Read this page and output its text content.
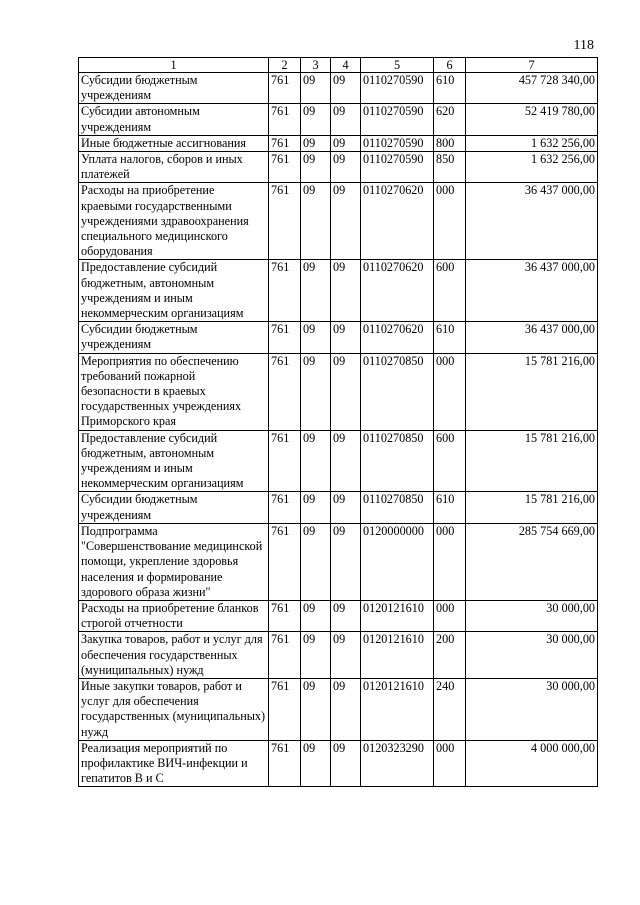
118
1	2	3	4	5	6	7
Субсидии бюджетным учреждениям	761	09	09	0110270590	610	457 728 340,00
Субсидии автономным учреждениям	761	09	09	0110270590	620	52 419 780,00
Иные бюджетные ассигнования	761	09	09	0110270590	800	1 632 256,00
Уплата налогов, сборов и иных платежей	761	09	09	0110270590	850	1 632 256,00
Расходы на приобретение краевыми государственными учреждениями здравоохранения специального медицинского оборудования	761	09	09	0110270620	000	36 437 000,00
Предоставление субсидий бюджетным, автономным учреждениям и иным некоммерческим организациям	761	09	09	0110270620	600	36 437 000,00
Субсидии бюджетным учреждениям	761	09	09	0110270620	610	36 437 000,00
Мероприятия по обеспечению требований пожарной безопасности в краевых государственных учреждениях Приморского края	761	09	09	0110270850	000	15 781 216,00
Предоставление субсидий бюджетным, автономным учреждениям и иным некоммерческим организациям	761	09	09	0110270850	600	15 781 216,00
Субсидии бюджетным учреждениям	761	09	09	0110270850	610	15 781 216,00
Подпрограмма "Совершенствование медицинской помощи, укрепление здоровья населения и формирование здорового образа жизни"	761	09	09	0120000000	000	285 754 669,00
Расходы на приобретение бланков строгой отчетности	761	09	09	0120121610	000	30 000,00
Закупка товаров, работ и услуг для обеспечения государственных (муниципальных) нужд	761	09	09	0120121610	200	30 000,00
Иные закупки товаров, работ и услуг для обеспечения государственных (муниципальных) нужд	761	09	09	0120121610	240	30 000,00
Реализация мероприятий по профилактике ВИЧ-инфекции и гепатитов В и С	761	09	09	0120323290	000	4 000 000,00
